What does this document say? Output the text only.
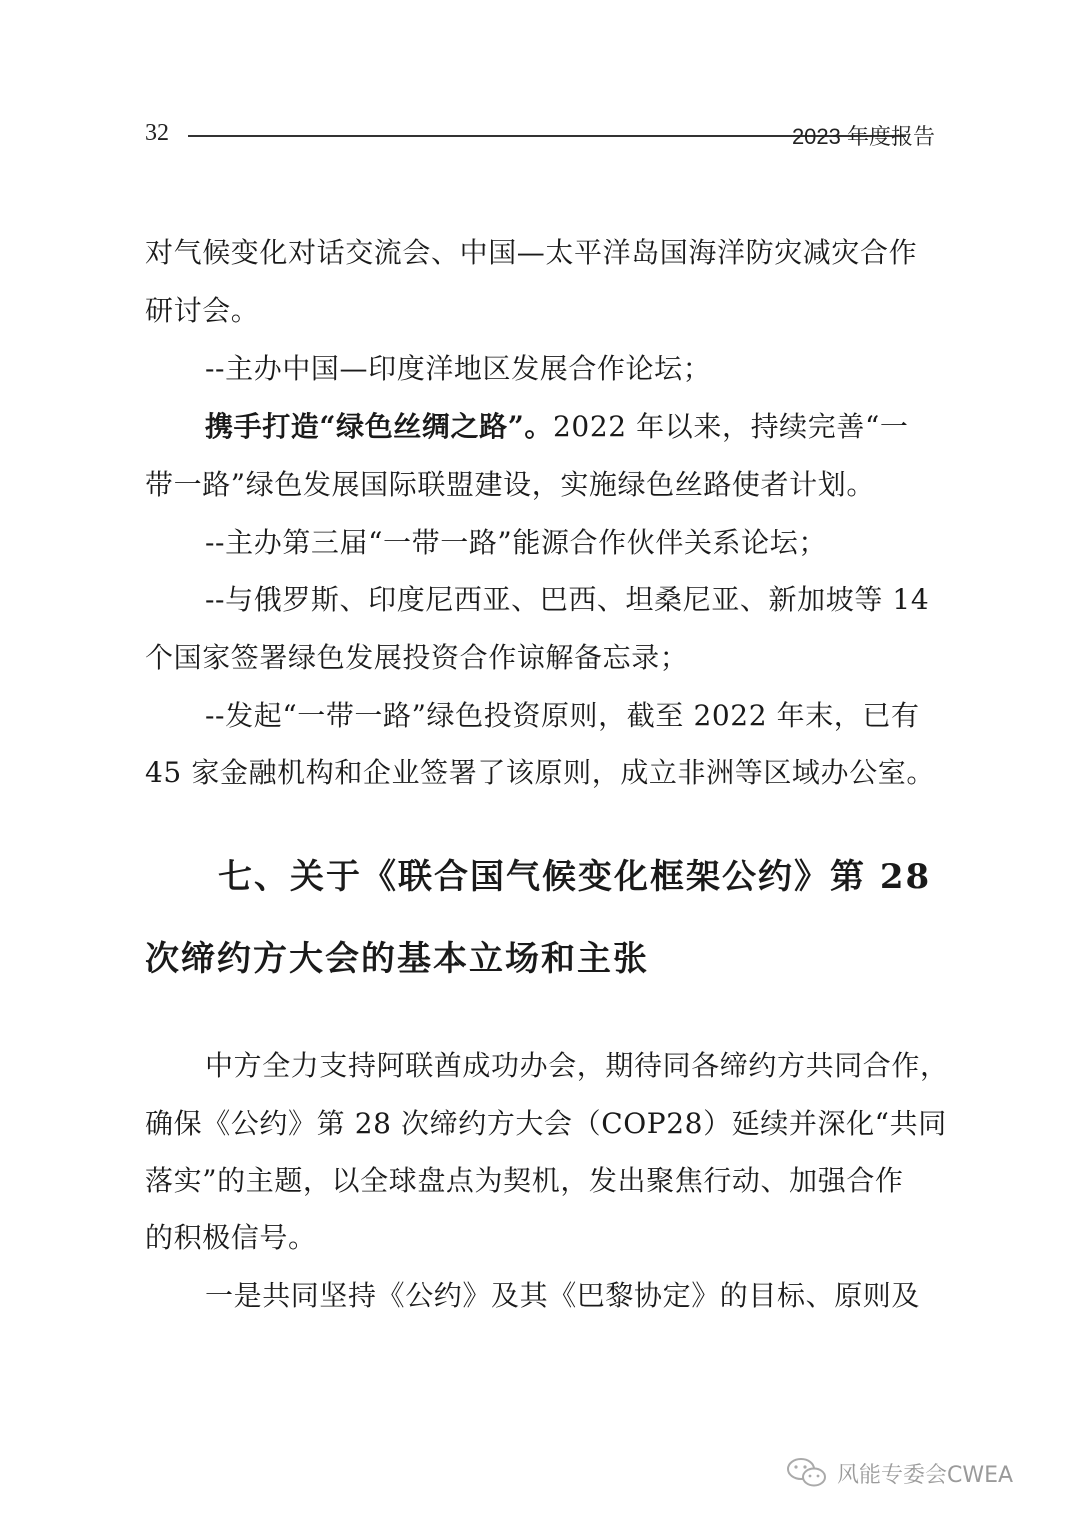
32	2023 年度报告
对气候变化对话交流会、中国—太平洋岛国海洋防灾减灾合作
研讨会。
--主办中国—印度洋地区发展合作论坛；
携手打造“绿色丝绸之路”。2022 年以来，持续完善“一
带一路”绿色发展国际联盟建设，实施绿色丝路使者计划。
--主办第三届“一带一路”能源合作伙伴关系论坛；
--与俄罗斯、印度尼西亚、巴西、坦桑尼亚、新加坡等 14
个国家签署绿色发展投资合作谅解备忘录；
--发起“一带一路”绿色投资原则，截至 2022 年末，已有
45 家金融机构和企业签署了该原则，成立非洲等区域办公室。
七、关于《联合国气候变化框架公约》第 28
次缔约方大会的基本立场和主张
中方全力支持阿联酋成功办会，期待同各缔约方共同合作，
确保《公约》第 28 次缔约方大会（COP28）延续并深化“共同
落实”的主题，以全球盘点为契机，发出聚焦行动、加强合作
的积极信号。
一是共同坚持《公约》及其《巴黎协定》的目标、原则及
风能专委会CWEA
